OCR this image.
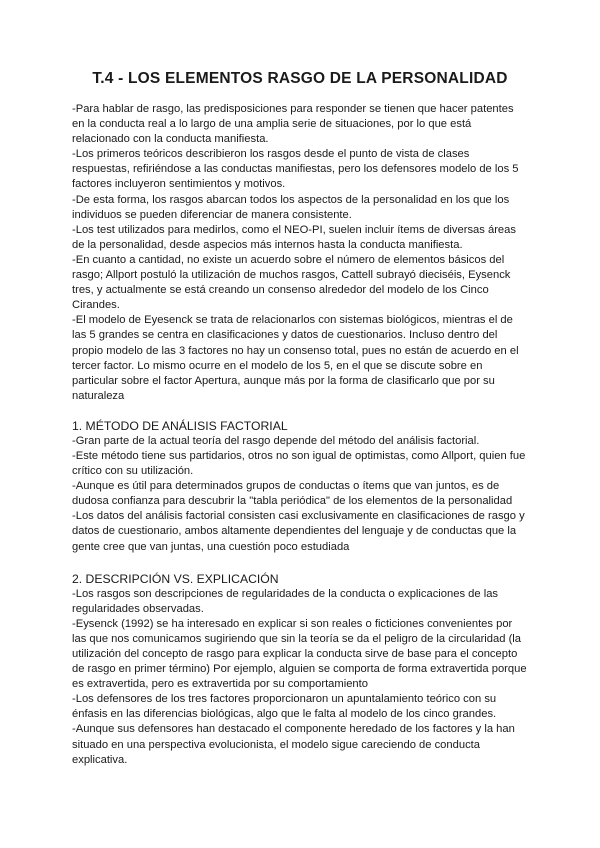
T.4 - LOS ELEMENTOS RASGO DE LA PERSONALIDAD

-Para hablar de rasgo, las predisposiciones para responder se tienen que hacer patentes en la conducta real a lo largo de una amplia serie de situaciones, por lo que está relacionado con la conducta manifiesta.

-Los primeros teóricos describieron los rasgos desde el punto de vista de clases respuestas, refiriéndose a las conductas manifiestas, pero los defensores modelo de los 5 factores incluyeron sentimientos y motivos.

-De esta forma, los rasgos abarcan todos los aspectos de la personalidad en los que los individuos se pueden diferenciar de manera consistente.

-Los test utilizados para medirlos, como el NEO-PI, suelen incluir ítems de diversas áreas de la personalidad, desde aspecios más internos hasta la conducta manifiesta.

-En cuanto a cantidad, no existe un acuerdo sobre el número de elementos básicos del rasgo; Allport postuló la utilización de muchos rasgos, Cattell subrayó dieciséis, Eysenck tres, y actualmente se está creando un consenso alrededor del modelo de los Cinco Cirandes.

-El modelo de Eyesenck se trata de relacionarlos con sistemas biológicos, mientras el de las 5 grandes se centra en clasificaciones y datos de cuestionarios. Incluso dentro del propio modelo de las 3 factores no hay un consenso total, pues no están de acuerdo en el tercer factor. Lo mismo ocurre en el modelo de los 5, en el que se discute sobre en particular sobre el factor Apertura, aunque más por la forma de clasificarlo que por su naturaleza

1. MÉTODO DE ANÁLISIS FACTORIAL

-Gran parte de la actual teoría del rasgo depende del método del análisis factorial.

-Este método tiene sus partidarios, otros no son igual de optimistas, como Allport, quien fue crítico con su utilización.

-Aunque es útil para determinados grupos de conductas o ítems que van juntos, es de dudosa confianza para descubrir la "tabla periódica" de los elementos de la personalidad

-Los datos del análisis factorial consisten casi exclusivamente en clasificaciones de rasgo y datos de cuestionario, ambos altamente dependientes del lenguaje y de conductas que la gente cree que van juntas, una cuestión poco estudiada

2. DESCRIPCIÓN VS. EXPLICACIÓN

-Los rasgos son descripciones de regularidades de la conducta o explicaciones de las regularidades observadas.

-Eysenck (1992) se ha interesado en explicar si son reales o ficticiones convenientes por las que nos comunicamos sugiriendo que sin la teoría se da el peligro de la circularidad (la utilización del concepto de rasgo para explicar la conducta sirve de base para el concepto de rasgo en primer término) Por ejemplo, alguien se comporta de forma extravertida porque es extravertida, pero es extravertida por su comportamiento

-Los defensores de los tres factores proporcionaron un apuntalamiento teórico con su énfasis en las diferencias biológicas, algo que le falta al modelo de los cinco grandes.

-Aunque sus defensores han destacado el componente heredado de los factores y la han situado en una perspectiva evolucionista, el modelo sigue careciendo de conducta explicativa.
